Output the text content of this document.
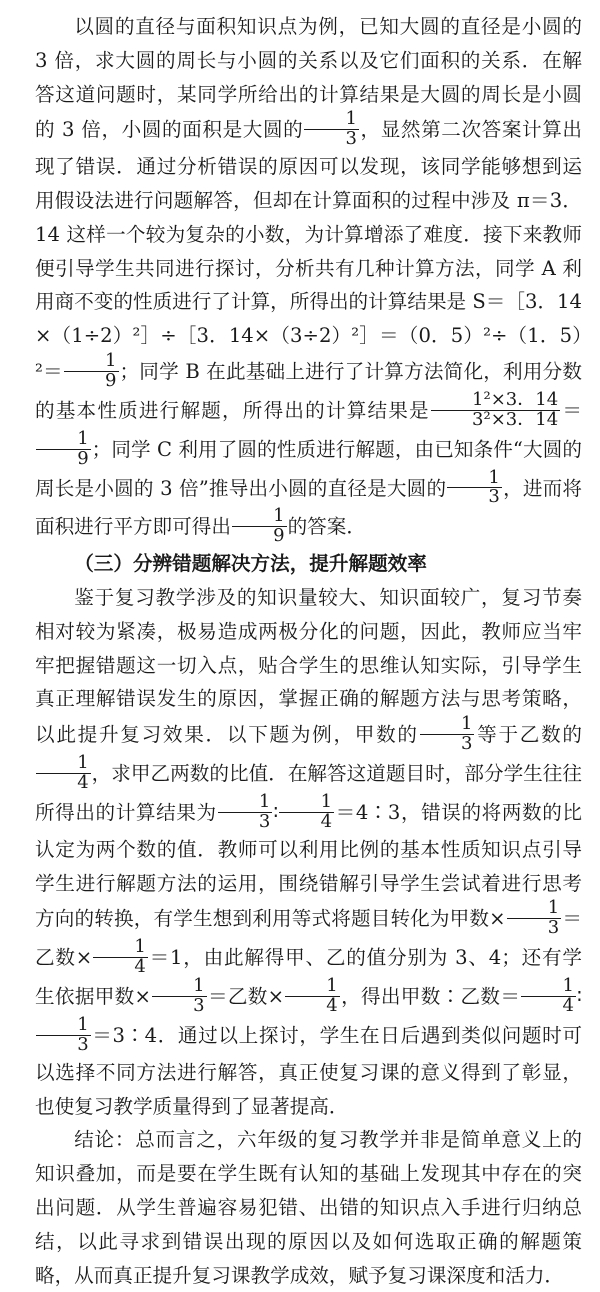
以圆的直径与面积知识点为例，已知大圆的直径是小圆的 3 倍，求大圆的周长与小圆的关系以及它们面积的关系．在解答这道问题时，某同学所给出的计算结果是大圆的周长是小圆的 3 倍，小圆的面积是大圆的 $\frac{1}{3}$ ，显然第二次答案计算出现了错误．通过分析错误的原因可以发现，该同学能够想到运用假设法进行问题解答，但却在计算面积的过程中涉及 π＝3．14 这样一个较为复杂的小数，为计算增添了难度．接下来教师便引导学生共同进行探讨，分析共有几种计算方法，同学 A 利用商不变的性质进行了计算，所得出的计算结果是 S＝［3．14×（1÷2）²］÷［3．14×（3÷2）²］＝（0．5）²÷（1．$5)^2= \frac{1}{9}$ ；同学 B 在此基础上进行了计算方法简化，利用分数的基本性质进行解题，所得出的计算结果是 $\frac{\text{1²×3．14}}{\text{3²×3．14}}$ ＝
$\frac{1}{9}$ ；同学 C 利用了圆的性质进行解题，由已知条件“大圆的周长是小圆的 3 倍”推导出小圆的直径是大圆的 $\frac{1}{3}$ ，进而将面积进行平方即可得出 $\frac{1}{9}$ 的答案．

（三）分辨错题解决方法，提升解题效率

鉴于复习教学涉及的知识量较大、知识面较广，复习节奏相对较为紧凑，极易造成两极分化的问题，因此，教师应当牢牢把握错题这一切入点，贴合学生的思维认知实际，引导学生真正理解错误发生的原因，掌握正确的解题方法与思考策略，以此提升复习效果．以下题为例，甲数的 $\frac{1}{3}$ 等于乙数的
$\frac{1}{4}$ ，求甲乙两数的比值．在解答这道题目时，部分学生往往所得出的计算结果为 $\frac{1}{3}$ ∶ $\frac{1}{4}$ ＝4∶3，错误的将两数的比认定为两个数的值．教师可以利用比例的基本性质知识点引导学生进行解题方法的运用，围绕错解引导学生尝试着进行思考方向的转换，有学生想到利用等式将题目转化为甲数× $\frac{1}{3}$ ＝乙数× $\frac{1}{4} =1$，由此解得甲、乙的值分别为 3、4；还有学生依据甲数× $\frac{1}{3}$ ＝乙数× $\frac{1}{4}$ ，得出甲数∶乙数＝ $\frac{1}{4}$ ∶
$\frac{1}{3}$ ＝3∶4．通过以上探讨，学生在日后遇到类似问题时可以选择不同方法进行解答，真正使复习课的意义得到了彰显，也使复习教学质量得到了显著提高．

结论：总而言之，六年级的复习教学并非是简单意义上的知识叠加，而是要在学生既有认知的基础上发现其中存在的突出问题．从学生普遍容易犯错、出错的知识点入手进行归纳总结，以此寻求到错误出现的原因以及如何选取正确的解题策略，从而真正提升复习课教学成效，赋予复习课深度和活力．
